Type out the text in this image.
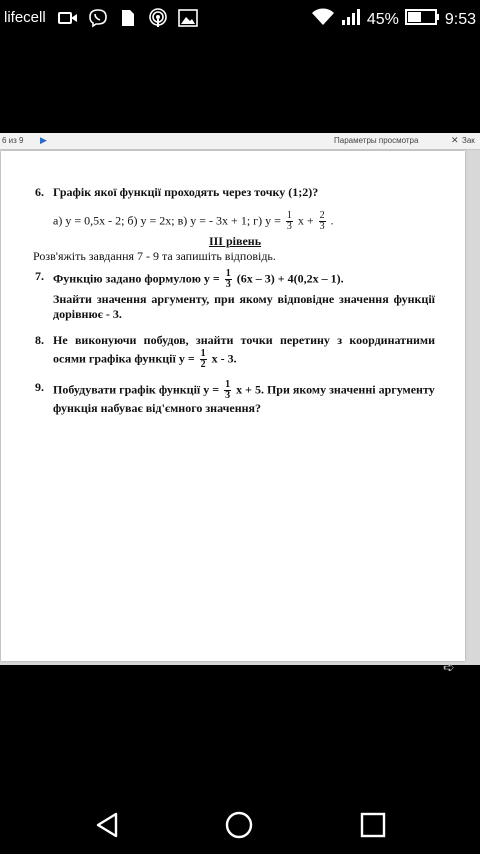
lifecell	45%	9:53
6 из 9 ▶	Параметры просмотра	✕ Зак
6. Графік якої функції проходять через точку (1;2)?
а) y = 0,5x - 2; б) y = 2x; в) y = - 3x + 1; г) $y = \frac{1}{3}$ $x + \frac{2}{3}$ .
ІІІ рівень
Розв'яжіть завдання 7 - 9 та запишіть відповідь.
7. Функцію задано формулою $y = \frac{1}{3} (6x - 3) + 4(0,2x - 1)$.
Знайти значення аргументу, при якому відповідне значення функції дорівнює - 3.
8. Не виконуючи побудов, знайти точки перетину з координатними осями графіка функції $y = \frac{1}{2}$ x - 3.
9. Побудувати графік функції $y = \frac{1}{3}$ x + 5. При якому значенні аргументу функція набуває від'ємного значення?
➪
